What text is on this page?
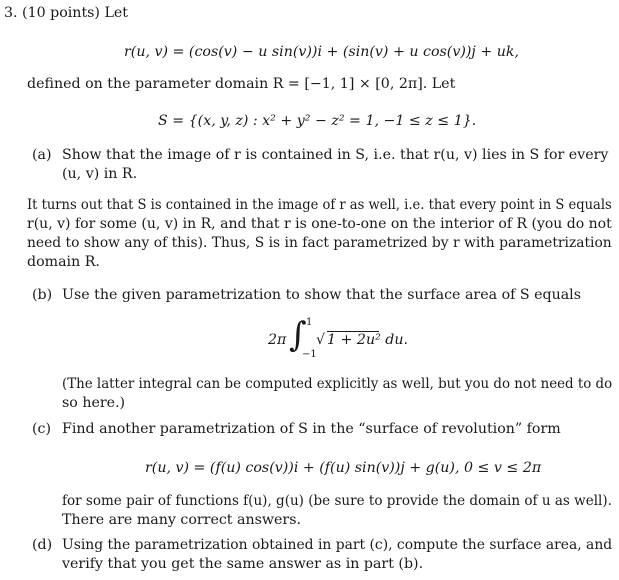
3. (10 points) Let
r(u, v) = (cos(v) − u sin(v))i + (sin(v) + u cos(v))j + uk,
defined on the parameter domain R = [−1, 1] × [0, 2π]. Let
S = {(x, y, z) : x² + y² − z² = 1, −1 ≤ z ≤ 1}.
(a) Show that the image of r is contained in S, i.e. that r(u, v) lies in S for every
(u, v) in R.
It turns out that S is contained in the image of r as well, i.e. that every point in S equals
r(u, v) for some (u, v) in R, and that r is one-to-one on the interior of R (you do not
need to show any of this). Thus, S is in fact parametrized by r with parametrization
domain R.
(b) Use the given parametrization to show that the surface area of S equals
2π ∫ 1
−1
√ 1 + 2u² du.
(The latter integral can be computed explicitly as well, but you do not need to do
so here.)
(c) Find another parametrization of S in the “surface of revolution” form
r(u, v) = (f(u) cos(v))i + (f(u) sin(v))j + g(u), 0 ≤ v ≤ 2π
for some pair of functions f(u), g(u) (be sure to provide the domain of u as well).
There are many correct answers.
(d) Using the parametrization obtained in part (c), compute the surface area, and
verify that you get the same answer as in part (b).
